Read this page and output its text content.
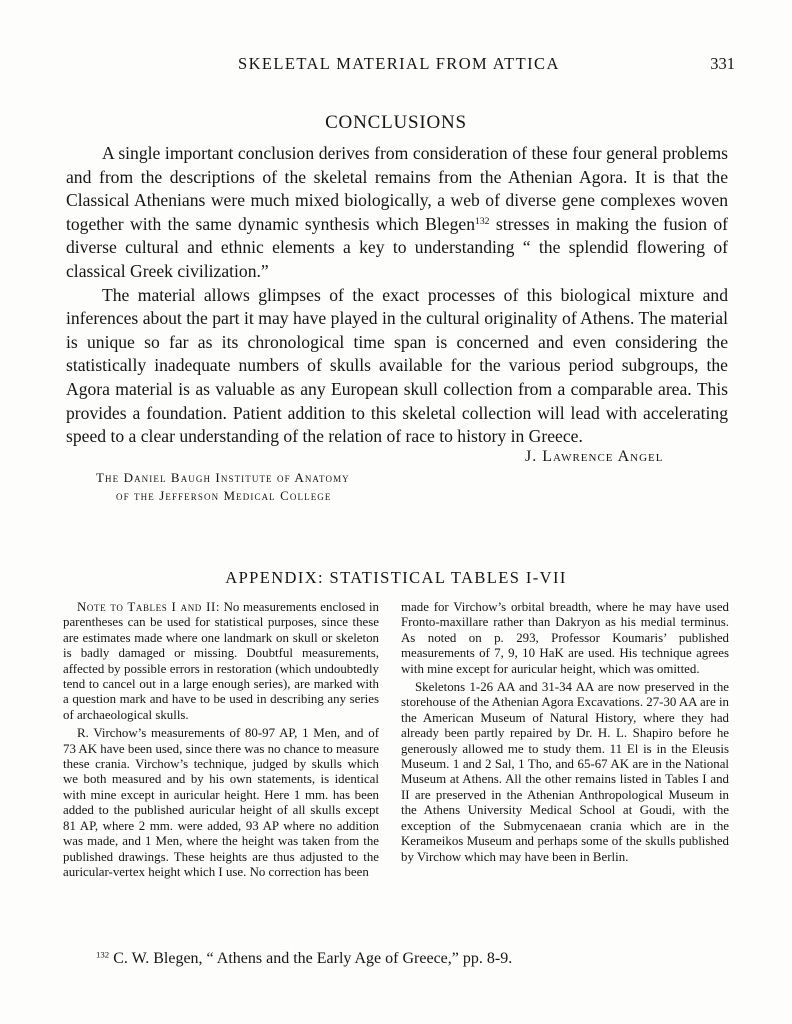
SKELETAL MATERIAL FROM ATTICA	331
CONCLUSIONS

A single important conclusion derives from consideration of these four general problems and from the descriptions of the skeletal remains from the Athenian Agora. It is that the Classical Athenians were much mixed biologically, a web of diverse gene complexes woven together with the same dynamic synthesis which Blegen$^{132}$ stresses in making the fusion of diverse cultural and ethnic elements a key to understanding “ the splendid flowering of classical Greek civilization.”

The material allows glimpses of the exact processes of this biological mixture and inferences about the part it may have played in the cultural originality of Athens. The material is unique so far as its chronological time span is concerned and even considering the statistically inadequate numbers of skulls available for the various period subgroups, the Agora material is as valuable as any European skull collection from a comparable area. This provides a foundation. Patient addition to this skeletal collection will lead with accelerating speed to a clear understanding of the relation of race to history in Greece.

J. Lawrence Angel
The Daniel Baugh Institute of Anatomy
of the Jefferson Medical College
APPENDIX: STATISTICAL TABLES I-VII

Note to Tables I and II: No measurements enclosed in parentheses can be used for statistical purposes, since these are estimates made where one landmark on skull or skeleton is badly damaged or missing. Doubtful measurements, affected by possible errors in restoration (which undoubtedly tend to cancel out in a large enough series), are marked with a question mark and have to be used in describing any series of archaeological skulls.

R. Virchow’s measurements of 80-97 AP, 1 Men, and of 73 AK have been used, since there was no chance to measure these crania. Virchow’s technique, judged by skulls which we both measured and by his own statements, is identical with mine except in auricular height. Here 1 mm. has been added to the published auricular height of all skulls except 81 AP, where 2 mm. were added, 93 AP where no addition was made, and 1 Men, where the height was taken from the published drawings. These heights are thus adjusted to the auricular-vertex height which I use. No correction has been

made for Virchow’s orbital breadth, where he may have used Fronto-maxillare rather than Dakryon as his medial terminus. As noted on p. 293, Professor Koumaris’ published measurements of 7, 9, 10 HaK are used. His technique agrees with mine except for auricular height, which was omitted.

Skeletons 1-26 AA and 31-34 AA are now preserved in the storehouse of the Athenian Agora Excavations. 27-30 AA are in the American Museum of Natural History, where they had already been partly repaired by Dr. H. L. Shapiro before he generously allowed me to study them. 11 El is in the Eleusis Museum. 1 and 2 Sal, 1 Tho, and 65-67 AK are in the National Museum at Athens. All the other remains listed in Tables I and II are preserved in the Athenian Anthropological Museum in the Athens University Medical School at Goudi, with the exception of the Submycenaean crania which are in the Kerameikos Museum and perhaps some of the skulls published by Virchow which may have been in Berlin.

$^{132}$ C. W. Blegen, “ Athens and the Early Age of Greece,” pp. 8-9.
